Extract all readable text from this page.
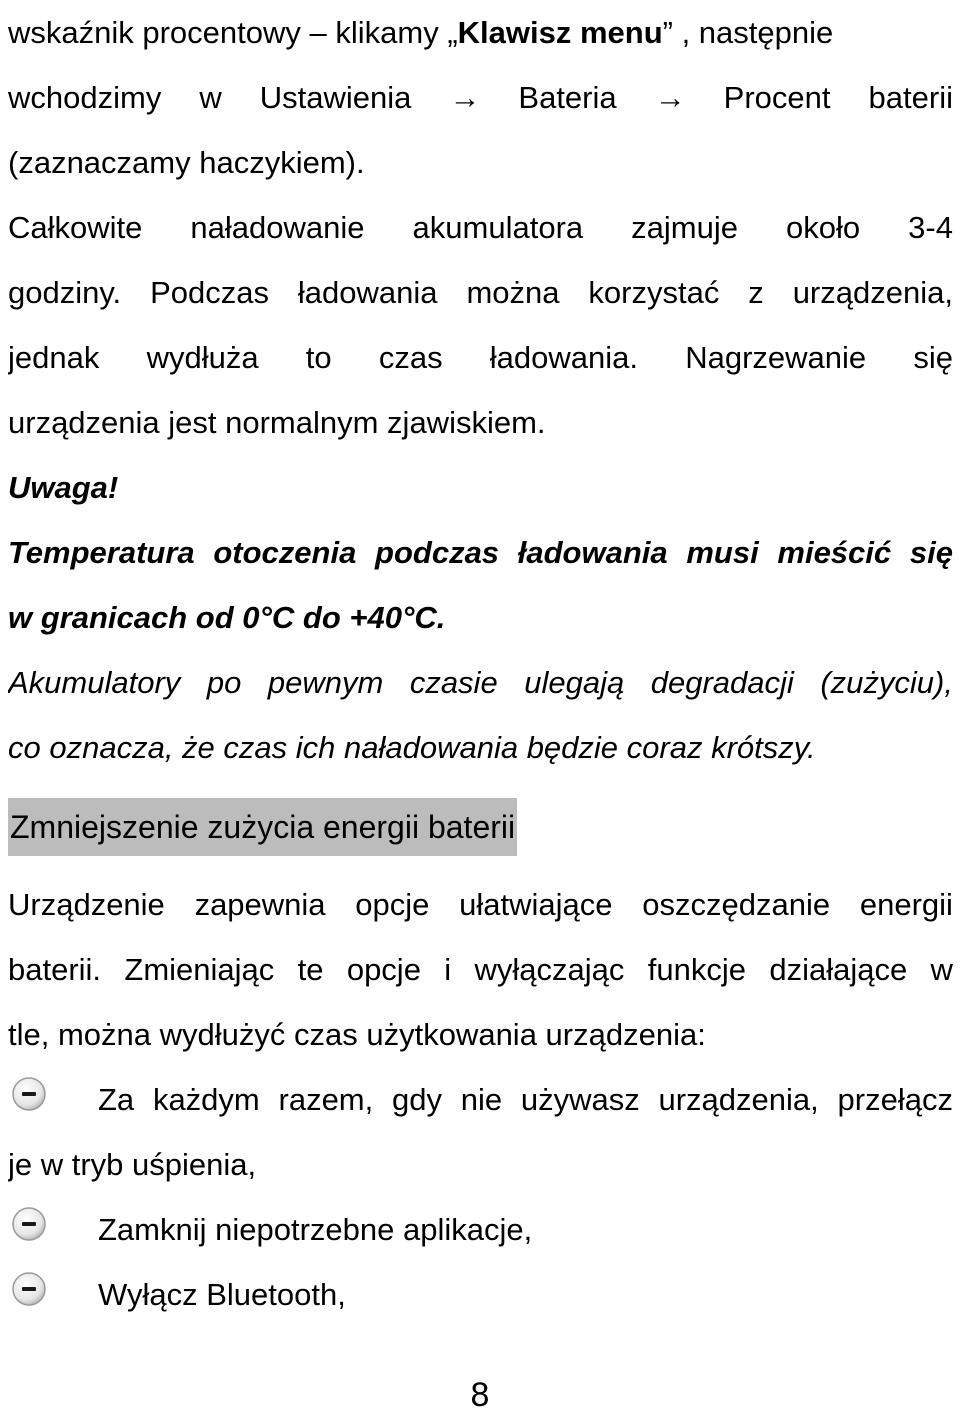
wskaźnik procentowy – klikamy „Klawisz menu” , następnie
wchodzimy w Ustawienia → Bateria → Procent baterii
(zaznaczamy haczykiem).
Całkowite naładowanie akumulatora zajmuje około 3-4
godziny. Podczas ładowania można korzystać z urządzenia,
jednak wydłuża to czas ładowania. Nagrzewanie się
urządzenia jest normalnym zjawiskiem.
Uwaga!
Temperatura otoczenia podczas ładowania musi mieścić się
w granicach od 0°C do +40°C.
Akumulatory po pewnym czasie ulegają degradacji (zużyciu),
co oznacza, że czas ich naładowania będzie coraz krótszy.
Zmniejszenie zużycia energii baterii
Urządzenie zapewnia opcje ułatwiające oszczędzanie energii
baterii. Zmieniając te opcje i wyłączając funkcje działające w
tle, można wydłużyć czas użytkowania urządzenia:
Za każdym razem, gdy nie używasz urządzenia, przełącz
je w tryb uśpienia,
Zamknij niepotrzebne aplikacje,
Wyłącz Bluetooth,
8
